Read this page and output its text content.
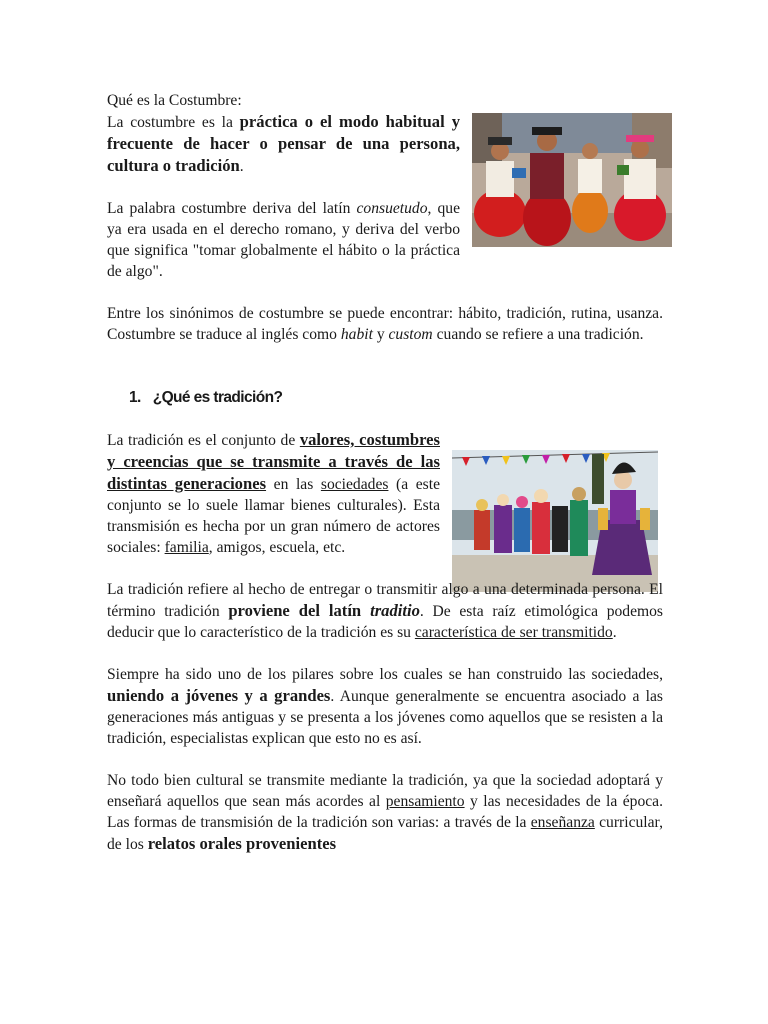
Qué es la Costumbre:

La costumbre es la práctica o el modo habitual y frecuente de hacer o pensar de una persona, cultura o tradición.

La palabra costumbre deriva del latín consuetudo, que ya era usada en el derecho romano, y deriva del verbo que significa "tomar globalmente el hábito o la práctica de algo".

Entre los sinónimos de costumbre se puede encontrar: hábito, tradición, rutina, usanza. Costumbre se traduce al inglés como habit y custom cuando se refiere a una tradición.

1. ¿Qué es tradición?

La tradición es el conjunto de valores, costumbres y creencias que se transmite a través de las distintas generaciones en las sociedades (a este conjunto se lo suele llamar bienes culturales). Esta transmisión es hecha por un gran número de actores sociales: familia, amigos, escuela, etc.

La tradición refiere al hecho de entregar o transmitir algo a una determinada persona. El término tradición proviene del latín traditio. De esta raíz etimológica podemos deducir que lo característico de la tradición es su característica de ser transmitido.

Siempre ha sido uno de los pilares sobre los cuales se han construido las sociedades, uniendo a jóvenes y a grandes. Aunque generalmente se encuentra asociado a las generaciones más antiguas y se presenta a los jóvenes como aquellos que se resisten a la tradición, especialistas explican que esto no es así.

No todo bien cultural se transmite mediante la tradición, ya que la sociedad adoptará y enseñará aquellos que sean más acordes al pensamiento y las necesidades de la época. Las formas de transmisión de la tradición son varias: a través de la enseñanza curricular, de los relatos orales provenientes
